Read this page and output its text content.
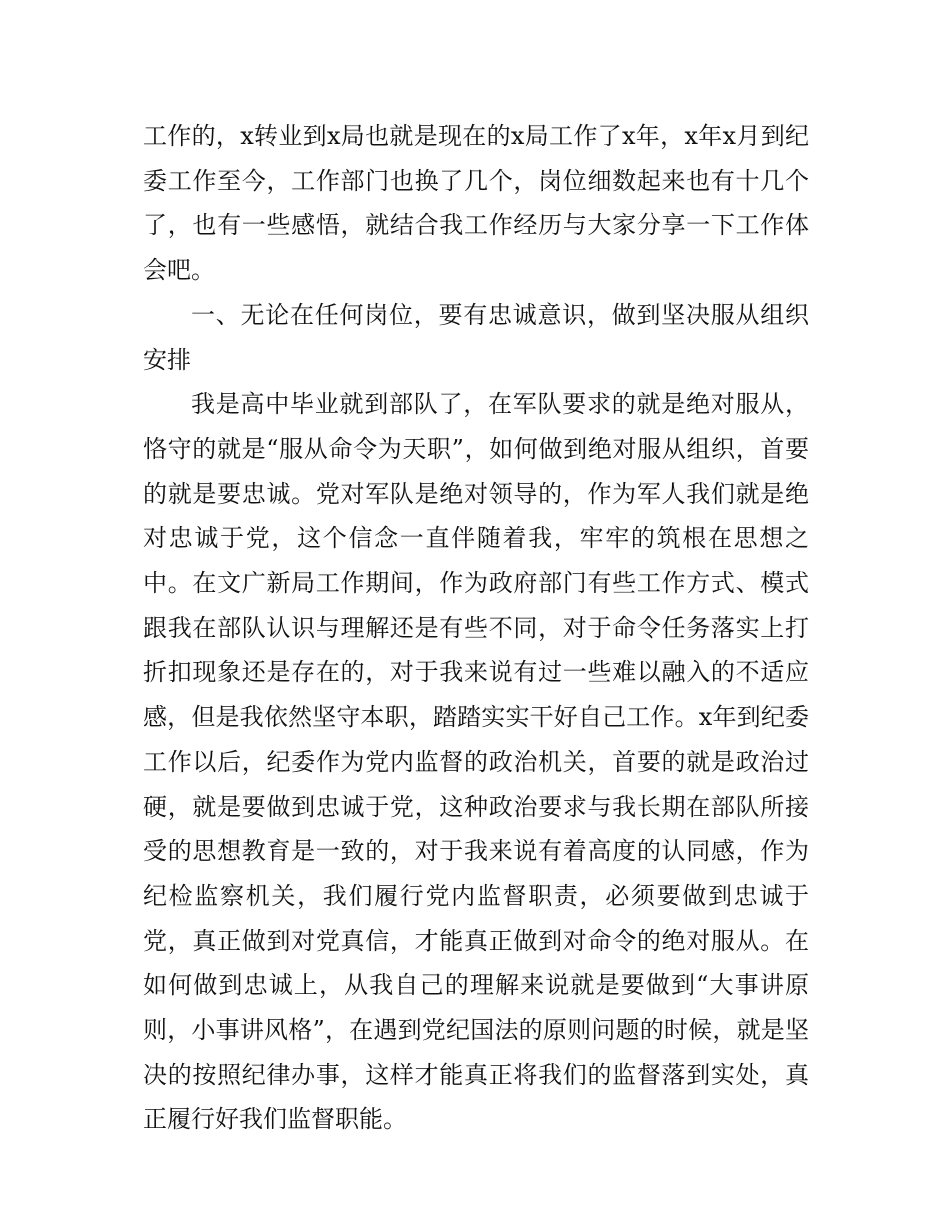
工作的，x转业到x局也就是现在的x局工作了x年，x年x月到纪委工作至今，工作部门也换了几个，岗位细数起来也有十几个了，也有一些感悟，就结合我工作经历与大家分享一下工作体会吧。

一、无论在任何岗位，要有忠诚意识，做到坚决服从组织安排

我是高中毕业就到部队了，在军队要求的就是绝对服从，恪守的就是“服从命令为天职”，如何做到绝对服从组织，首要的就是要忠诚。党对军队是绝对领导的，作为军人我们就是绝对忠诚于党，这个信念一直伴随着我，牢牢的筑根在思想之中。在文广新局工作期间，作为政府部门有些工作方式、模式跟我在部队认识与理解还是有些不同，对于命令任务落实上打折扣现象还是存在的，对于我来说有过一些难以融入的不适应感，但是我依然坚守本职，踏踏实实干好自己工作。x年到纪委工作以后，纪委作为党内监督的政治机关，首要的就是政治过硬，就是要做到忠诚于党，这种政治要求与我长期在部队所接受的思想教育是一致的，对于我来说有着高度的认同感，作为纪检监察机关，我们履行党内监督职责，必须要做到忠诚于党，真正做到对党真信，才能真正做到对命令的绝对服从。在如何做到忠诚上，从我自己的理解来说就是要做到“大事讲原则，小事讲风格”，在遇到党纪国法的原则问题的时候，就是坚决的按照纪律办事，这样才能真正将我们的监督落到实处，真正履行好我们监督职能。
